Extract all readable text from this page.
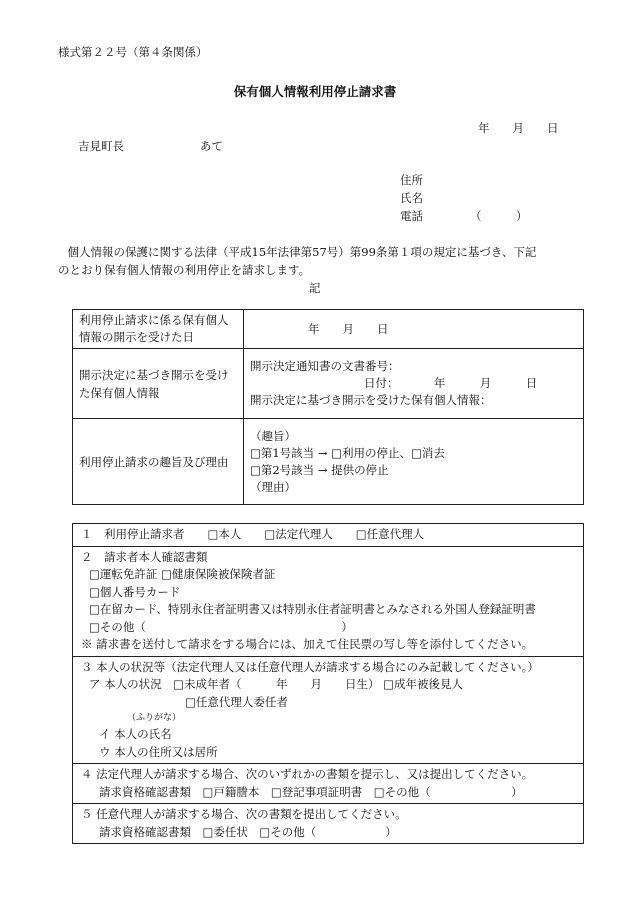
様式第２２号（第４条関係）
保有個人情報利用停止請求書
年　　月　　日
吉見町長	あて
住所
氏名
電話	（　　　）
　個人情報の保護に関する法律（平成15年法律第57号）第99条第１項の規定に基づき、下記
のとおり保有個人情報の利用停止を請求します。
記
利用停止請求に係る保有個人
情報の開示を受けた日	年　　月　　日

開示決定に基づき開示を受け
た保有個人情報	開示決定通知書の文書番号：
日付： 年　　　月　　　日
開示決定に基づき開示を受けた保有個人情報：

利用停止請求の趣旨及び理由	（趣旨）
□第1号該当 → □利用の停止、□消去
□第2号該当 → 提供の停止
（理由）
１　利用停止請求者　　□本人　　□法定代理人　　□任意代理人

２　請求者本人確認書類
□運転免許証 □健康保険被保険者証
□個人番号カード
□在留カード、特別永住者証明書又は特別永住者証明書とみなされる外国人登録証明書
□その他（　　　　　　　　　　　　　　　　　）
※ 請求書を送付して請求をする場合には、加えて住民票の写し等を添付してください。

３ 本人の状況等（法定代理人又は任意代理人が請求する場合にのみ記載してください。）
ア 本人の状況　□未成年者（　　　年　　月　　日生） □成年被後見人
□任意代理人委任者
（ふりがな）
イ 本人の氏名
ウ 本人の住所又は居所

４ 法定代理人が請求する場合、次のいずれかの書類を提示し、又は提出してください。
請求資格確認書類　□戸籍謄本　□登記事項証明書　□その他（　　　　　　　）

５ 任意代理人が請求する場合、次の書類を提出してください。
請求資格確認書類　□委任状　□その他（　　　　　　）
